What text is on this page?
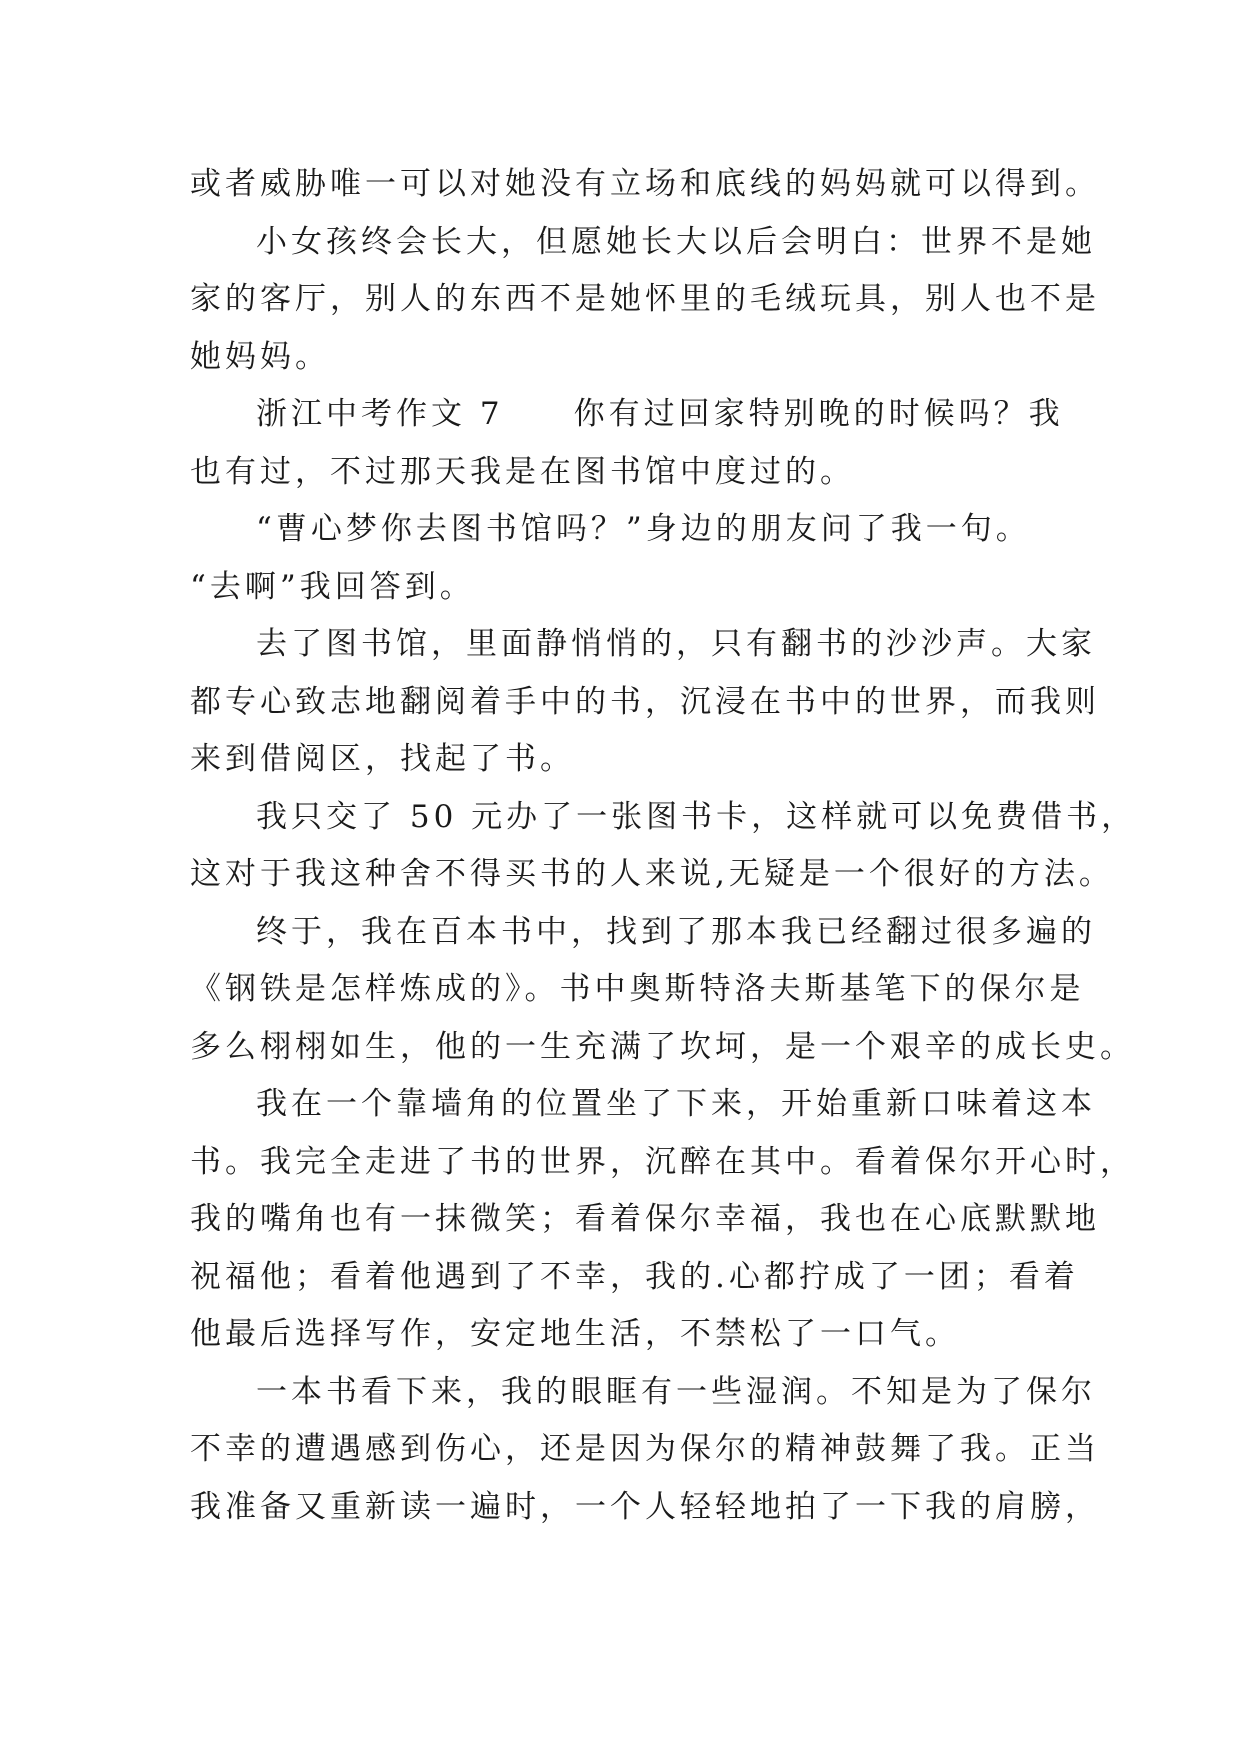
或者威胁唯一可以对她没有立场和底线的妈妈就可以得到。
小女孩终会长大，但愿她长大以后会明白：世界不是她
家的客厅，别人的东西不是她怀里的毛绒玩具，别人也不是
她妈妈。
浙江中考作文 7　　你有过回家特别晚的时候吗？我
也有过，不过那天我是在图书馆中度过的。
“曹心梦你去图书馆吗？”身边的朋友问了我一句。
“去啊”我回答到。
去了图书馆，里面静悄悄的，只有翻书的沙沙声。大家
都专心致志地翻阅着手中的书，沉浸在书中的世界，而我则
来到借阅区，找起了书。
我只交了 50 元办了一张图书卡，这样就可以免费借书，
这对于我这种舍不得买书的人来说,无疑是一个很好的方法。
终于，我在百本书中，找到了那本我已经翻过很多遍的
《钢铁是怎样炼成的》。书中奥斯特洛夫斯基笔下的保尔是
多么栩栩如生，他的一生充满了坎坷，是一个艰辛的成长史。
我在一个靠墙角的位置坐了下来，开始重新口味着这本
书。我完全走进了书的世界，沉醉在其中。看着保尔开心时，
我的嘴角也有一抹微笑；看着保尔幸福，我也在心底默默地
祝福他；看着他遇到了不幸，我的.心都拧成了一团；看着
他最后选择写作，安定地生活，不禁松了一口气。
一本书看下来，我的眼眶有一些湿润。不知是为了保尔
不幸的遭遇感到伤心，还是因为保尔的精神鼓舞了我。正当
我准备又重新读一遍时，一个人轻轻地拍了一下我的肩膀，
